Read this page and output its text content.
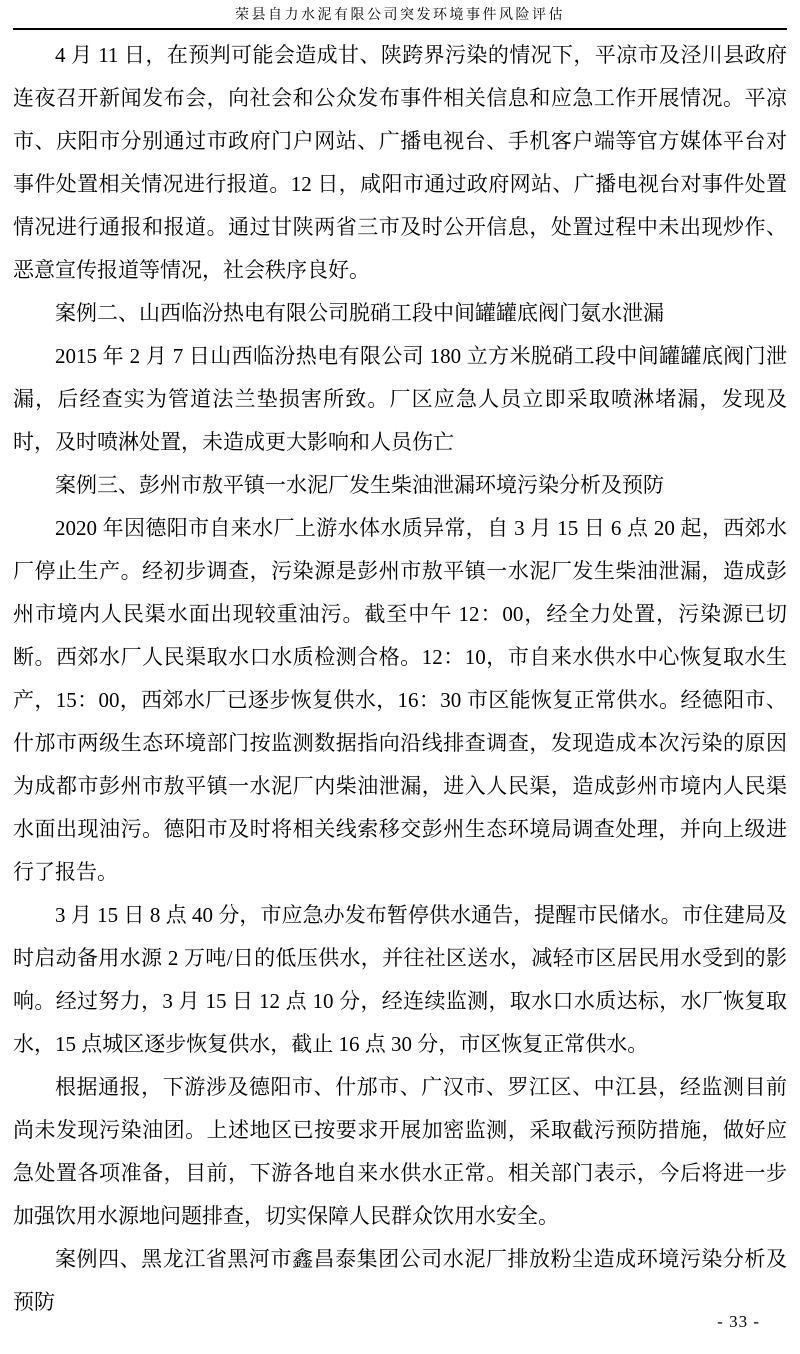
荣县自力水泥有限公司突发环境事件风险评估

4 月 11 日，在预判可能会造成甘、陕跨界污染的情况下，平凉市及泾川县政府连夜召开新闻发布会，向社会和公众发布事件相关信息和应急工作开展情况。平凉市、庆阳市分别通过市政府门户网站、广播电视台、手机客户端等官方媒体平台对事件处置相关情况进行报道。12 日，咸阳市通过政府网站、广播电视台对事件处置情况进行通报和报道。通过甘陕两省三市及时公开信息，处置过程中未出现炒作、恶意宣传报道等情况，社会秩序良好。

案例二、山西临汾热电有限公司脱硝工段中间罐罐底阀门氨水泄漏

2015 年 2 月 7 日山西临汾热电有限公司 180 立方米脱硝工段中间罐罐底阀门泄漏，后经查实为管道法兰垫损害所致。厂区应急人员立即采取喷淋堵漏，发现及时，及时喷淋处置，未造成更大影响和人员伤亡

案例三、彭州市敖平镇一水泥厂发生柴油泄漏环境污染分析及预防

2020 年因德阳市自来水厂上游水体水质异常，自 3 月 15 日 6 点 20 起，西郊水厂停止生产。经初步调查，污染源是彭州市敖平镇一水泥厂发生柴油泄漏，造成彭州市境内人民渠水面出现较重油污。截至中午 12：00，经全力处置，污染源已切断。西郊水厂人民渠取水口水质检测合格。12：10，市自来水供水中心恢复取水生产，15：00，西郊水厂已逐步恢复供水，16：30 市区能恢复正常供水。经德阳市、什邡市两级生态环境部门按监测数据指向沿线排查调查，发现造成本次污染的原因为成都市彭州市敖平镇一水泥厂内柴油泄漏，进入人民渠，造成彭州市境内人民渠水面出现油污。德阳市及时将相关线索移交彭州生态环境局调查处理，并向上级进行了报告。

3 月 15 日 8 点 40 分，市应急办发布暂停供水通告，提醒市民储水。市住建局及时启动备用水源 2 万吨/日的低压供水，并往社区送水，减轻市区居民用水受到的影响。经过努力，3 月 15 日 12 点 10 分，经连续监测，取水口水质达标，水厂恢复取水，15 点城区逐步恢复供水，截止 16 点 30 分，市区恢复正常供水。

根据通报，下游涉及德阳市、什邡市、广汉市、罗江区、中江县，经监测目前尚未发现污染油团。上述地区已按要求开展加密监测，采取截污预防措施，做好应急处置各项准备，目前，下游各地自来水供水正常。相关部门表示，今后将进一步加强饮用水源地问题排查，切实保障人民群众饮用水安全。

案例四、黑龙江省黑河市鑫昌泰集团公司水泥厂排放粉尘造成环境污染分析及预防

- 33 -
